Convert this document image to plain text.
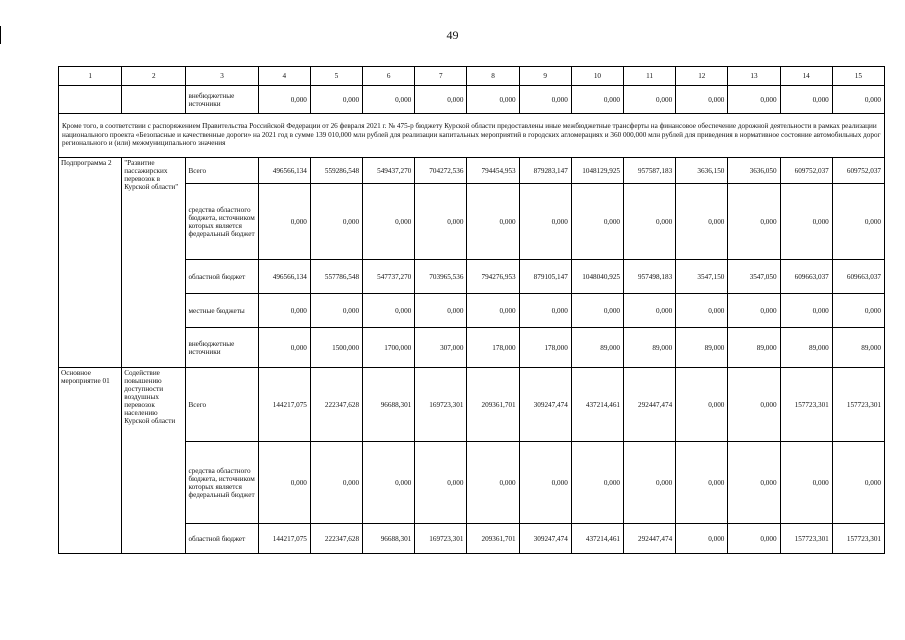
49
1	2	3	4	5	6	7	8	9	10	11	12	13	14	15
		внебюджетные источники	0,000	0,000	0,000	0,000	0,000	0,000	0,000	0,000	0,000	0,000	0,000	0,000
Кроме того, в соответствии с распоряжением Правительства Российской Федерации от 26 февраля 2021 г. № 475-р бюджету Курской области предоставлены иные межбюджетные трансферты на финансовое обеспечение дорожной деятельности в рамках реализации национального проекта «Безопасные и качественные дороги» на 2021 год в сумме 139 010,000 млн рублей для реализации капитальных мероприятий в городских агломерациях и 360 000,000 млн рублей для приведения в нормативное состояние автомобильных дорог регионального и (или) межмуниципального значения														
Подпрограмма 2	"Развитие пассажирских перевозок в Курской области"	Всего	496566,134	559286,548	549437,270	704272,536	794454,953	879283,147	1048129,925	957587,183	3636,150	3636,050	609752,037	609752,037
		средства областного бюджета, источником которых является федеральный бюджет	0,000	0,000	0,000	0,000	0,000	0,000	0,000	0,000	0,000	0,000	0,000	0,000
		областной бюджет	496566,134	557786,548	547737,270	703965,536	794276,953	879105,147	1048040,925	957498,183	3547,150	3547,050	609663,037	609663,037
		местные бюджеты	0,000	0,000	0,000	0,000	0,000	0,000	0,000	0,000	0,000	0,000	0,000	0,000
		внебюджетные источники	0,000	1500,000	1700,000	307,000	178,000	178,000	89,000	89,000	89,000	89,000	89,000	89,000
Основное мероприятие 01	Содействие повышению доступности воздушных перевозок населению Курской области	Всего	144217,075	222347,628	96688,301	169723,301	209361,701	309247,474	437214,461	292447,474	0,000	0,000	157723,301	157723,301
		средства областного бюджета, источником которых является федеральный бюджет	0,000	0,000	0,000	0,000	0,000	0,000	0,000	0,000	0,000	0,000	0,000	0,000
		областной бюджет	144217,075	222347,628	96688,301	169723,301	209361,701	309247,474	437214,461	292447,474	0,000	0,000	157723,301	157723,301
